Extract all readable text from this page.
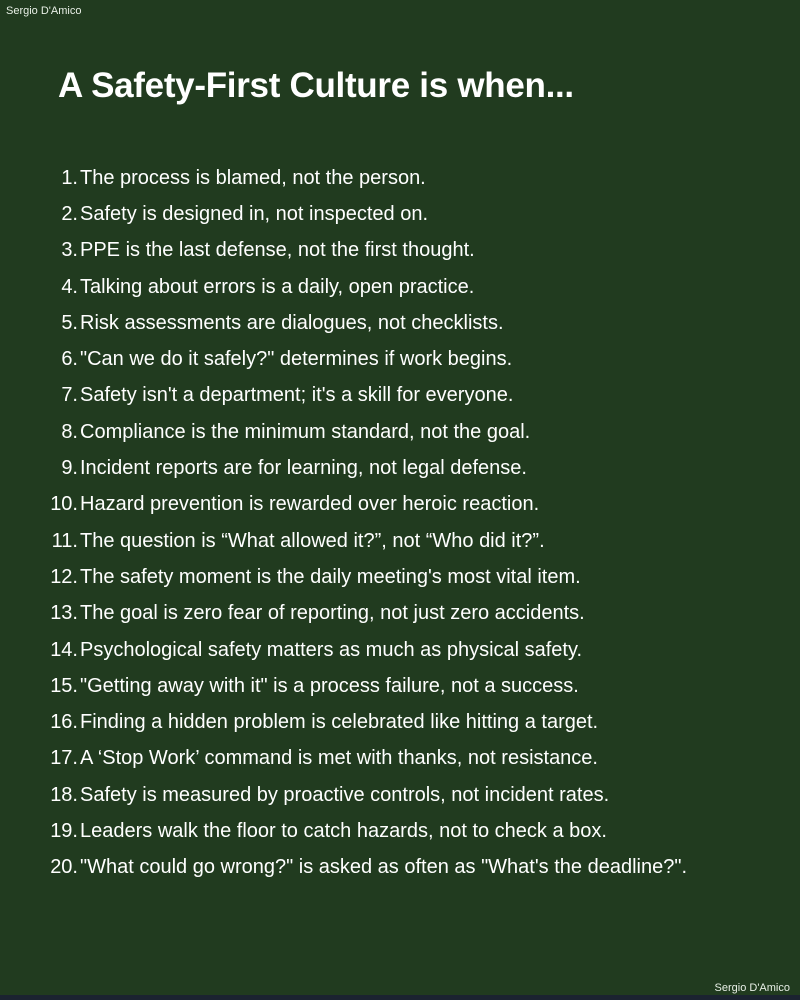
Sergio D'Amico
A Safety-First Culture is when...
1. The process is blamed, not the person.
2. Safety is designed in, not inspected on.
3. PPE is the last defense, not the first thought.
4. Talking about errors is a daily, open practice.
5. Risk assessments are dialogues, not checklists.
6. "Can we do it safely?" determines if work begins.
7. Safety isn't a department; it's a skill for everyone.
8. Compliance is the minimum standard, not the goal.
9. Incident reports are for learning, not legal defense.
10. Hazard prevention is rewarded over heroic reaction.
11. The question is “What allowed it?”, not “Who did it?”.
12. The safety moment is the daily meeting's most vital item.
13. The goal is zero fear of reporting, not just zero accidents.
14. Psychological safety matters as much as physical safety.
15. "Getting away with it" is a process failure, not a success.
16. Finding a hidden problem is celebrated like hitting a target.
17. A ‘Stop Work’ command is met with thanks, not resistance.
18. Safety is measured by proactive controls, not incident rates.
19. Leaders walk the floor to catch hazards, not to check a box.
20. "What could go wrong?" is asked as often as "What's the deadline?".
Sergio D'Amico
